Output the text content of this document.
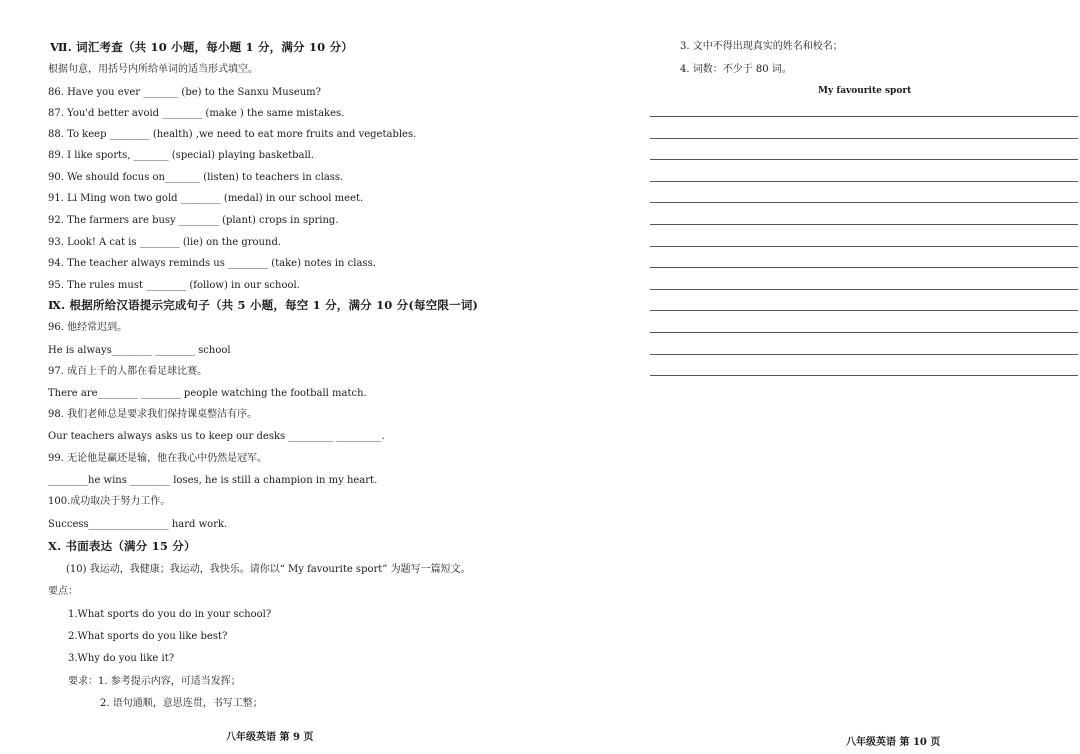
Ⅶ. 词汇考查（共 10 小题，每小题 1 分，满分 10 分）
根据句意，用括号内所给单词的适当形式填空。
86. Have you ever _______ (be) to the Sanxu Museum?
87. You'd better avoid ________ (make ) the same mistakes.
88. To keep ________ (health) ,we need to eat more fruits and vegetables.
89. I like sports, _______ (special) playing basketball.
90. We should focus on_______ (listen) to teachers in class.
91. Li Ming won two gold ________ (medal) in our school meet.
92. The farmers are busy ________ (plant) crops in spring.
93. Look! A cat is ________ (lie) on the ground.
94. The teacher always reminds us ________ (take) notes in class.
95. The rules must ________ (follow) in our school.
Ⅸ. 根据所给汉语提示完成句子（共 5 小题，每空 1 分，满分 10 分(每空限一词)
96. 他经常迟到。
He is always________ ________ school
97. 成百上千的人都在看足球比赛。
There are________ ________ people watching the football match.
98. 我们老师总是要求我们保持课桌整洁有序。
Our teachers always asks us to keep our desks _________ _________.
99. 无论他是赢还是输，他在我心中仍然是冠军。
________he wins ________ loses, he is still a champion in my heart.
100.成功取决于努力工作。
Success________________ hard work.
Ⅹ. 书面表达（满分 15 分）
(10) 我运动，我健康；我运动，我快乐。请你以“ My favourite sport” 为题写一篇短文。
要点：
1.What sports do you do in your school?
2.What sports do you like best?
3.Why do you like it?
要求：1. 参考提示内容，可适当发挥；
2. 语句通顺，意思连贯，书写工整；
八年级英语 第 9 页
3. 文中不得出现真实的姓名和校名；
4. 词数：不少于 80 词。
My favourite sport
八年级英语 第 10 页
